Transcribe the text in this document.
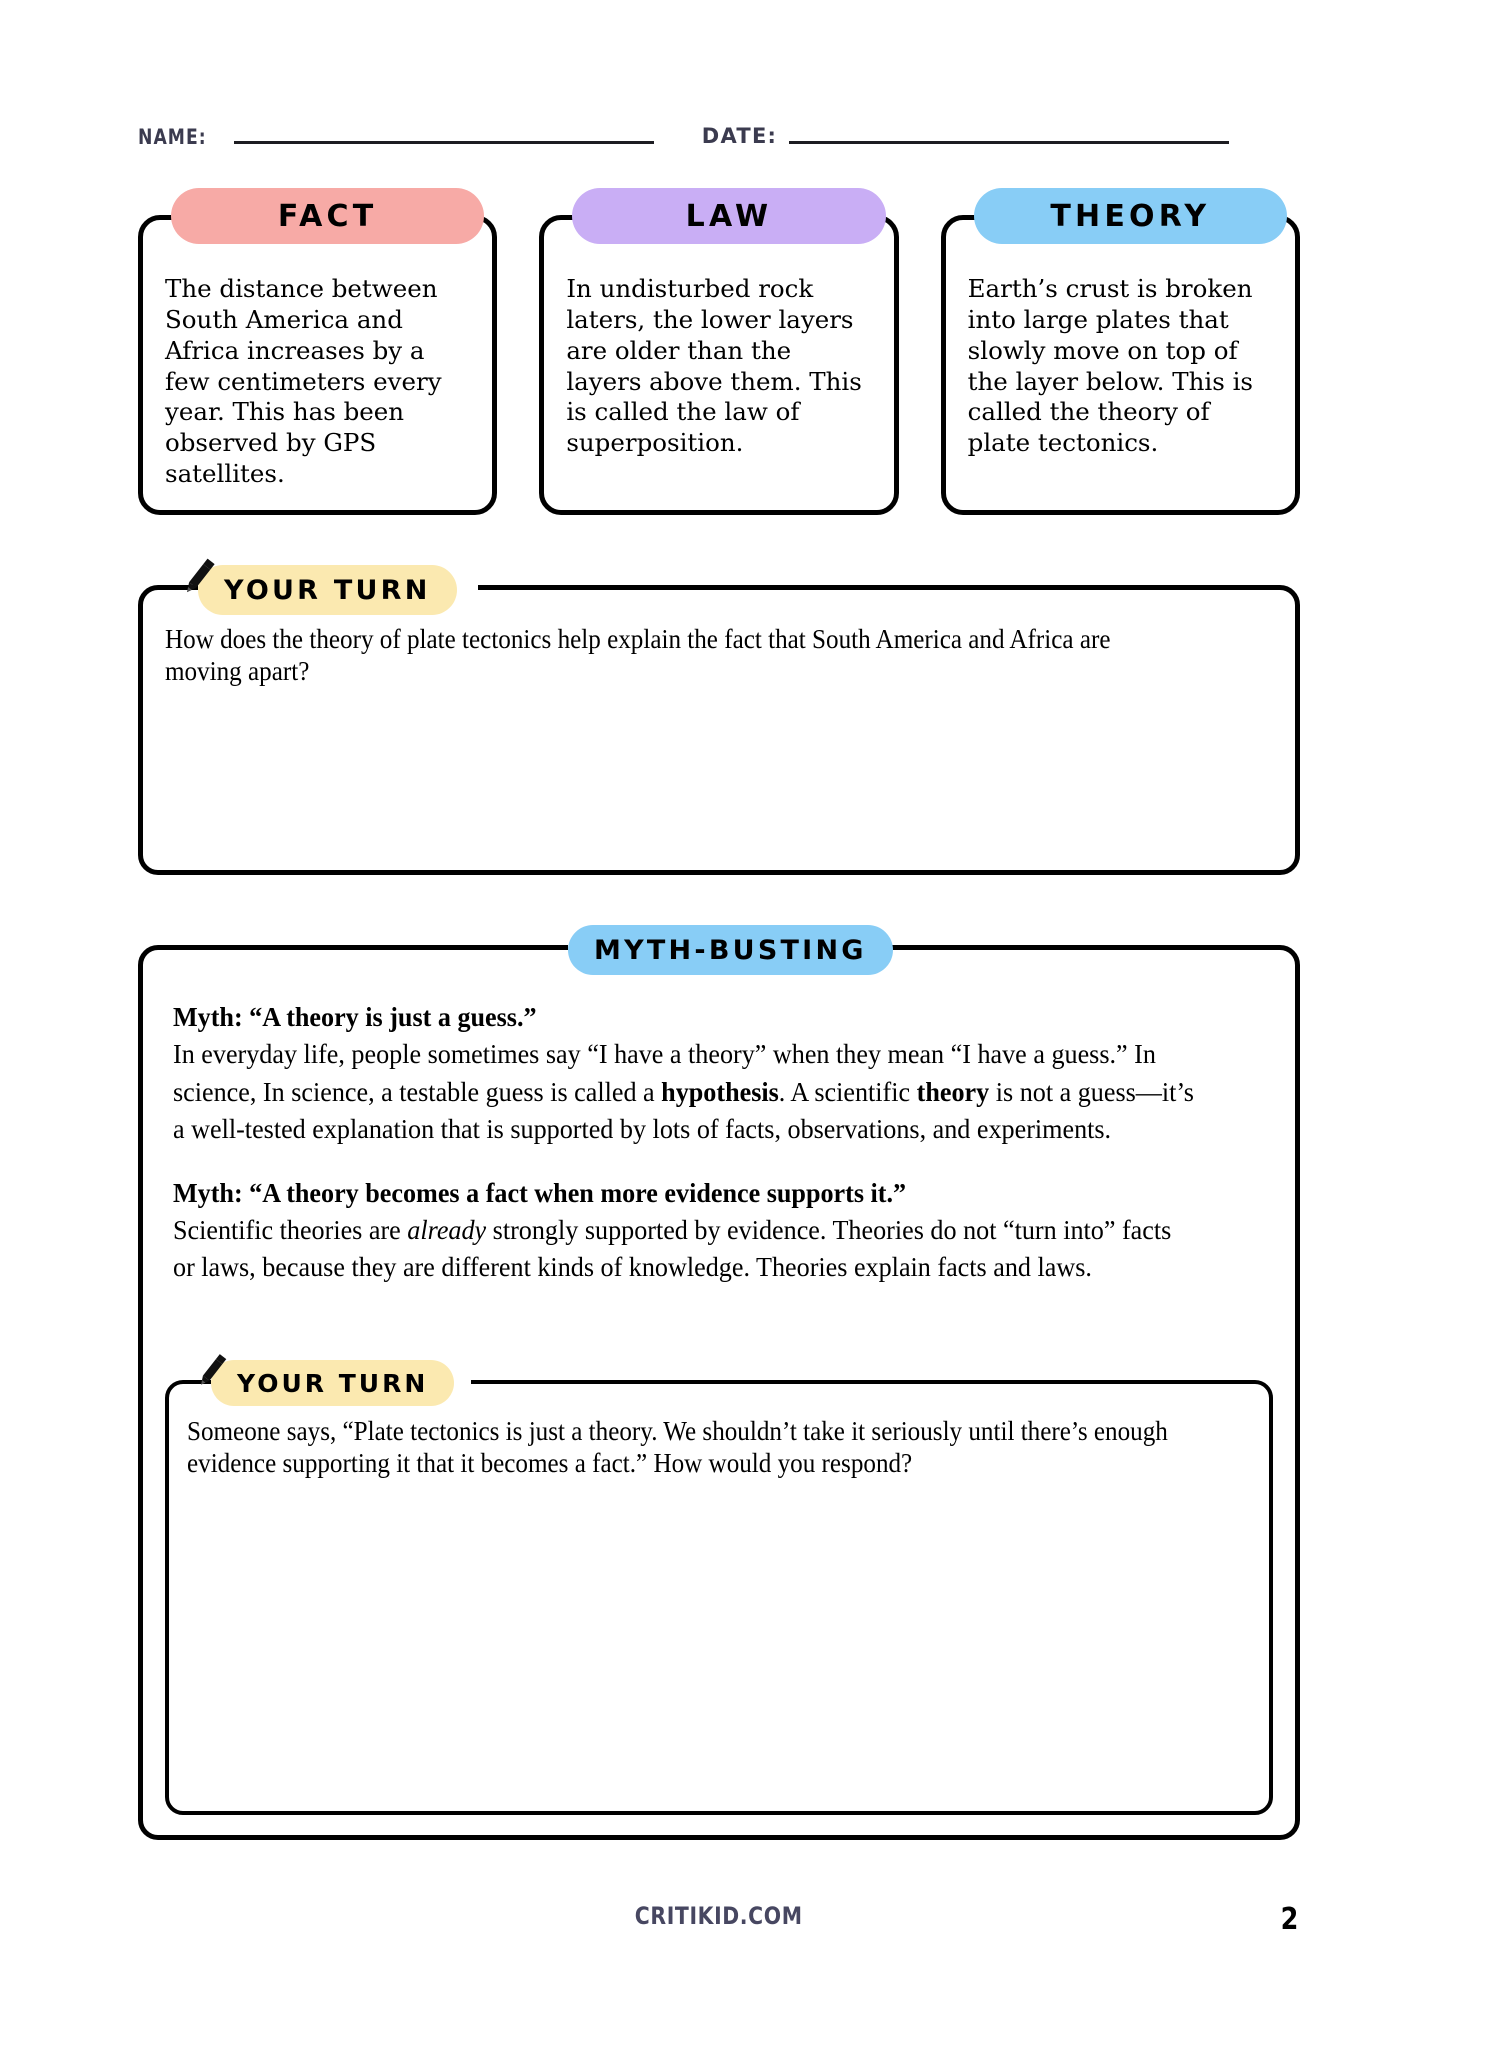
NAME:	DATE:
FACT
The distance between South America and Africa increases by a few centimeters every year. This has been observed by GPS satellites.
LAW
In undisturbed rock laters, the lower layers are older than the layers above them. This is called the law of superposition.
THEORY
Earth’s crust is broken into large plates that slowly move on top of the layer below. This is called the theory of plate tectonics.
YOUR TURN
How does the theory of plate tectonics help explain the fact that South America and Africa are moving apart?
MYTH-BUSTING
Myth: “A theory is just a guess.”
In everyday life, people sometimes say “I have a theory” when they mean “I have a guess.” In science, In science, a testable guess is called a hypothesis. A scientific theory is not a guess—it’s a well-tested explanation that is supported by lots of facts, observations, and experiments.
Myth: “A theory becomes a fact when more evidence supports it.”
Scientific theories are already strongly supported by evidence. Theories do not “turn into” facts or laws, because they are different kinds of knowledge. Theories explain facts and laws.
YOUR TURN
Someone says, “Plate tectonics is just a theory. We shouldn’t take it seriously until there’s enough evidence supporting it that it becomes a fact.” How would you respond?
CRITIKID.COM	2
